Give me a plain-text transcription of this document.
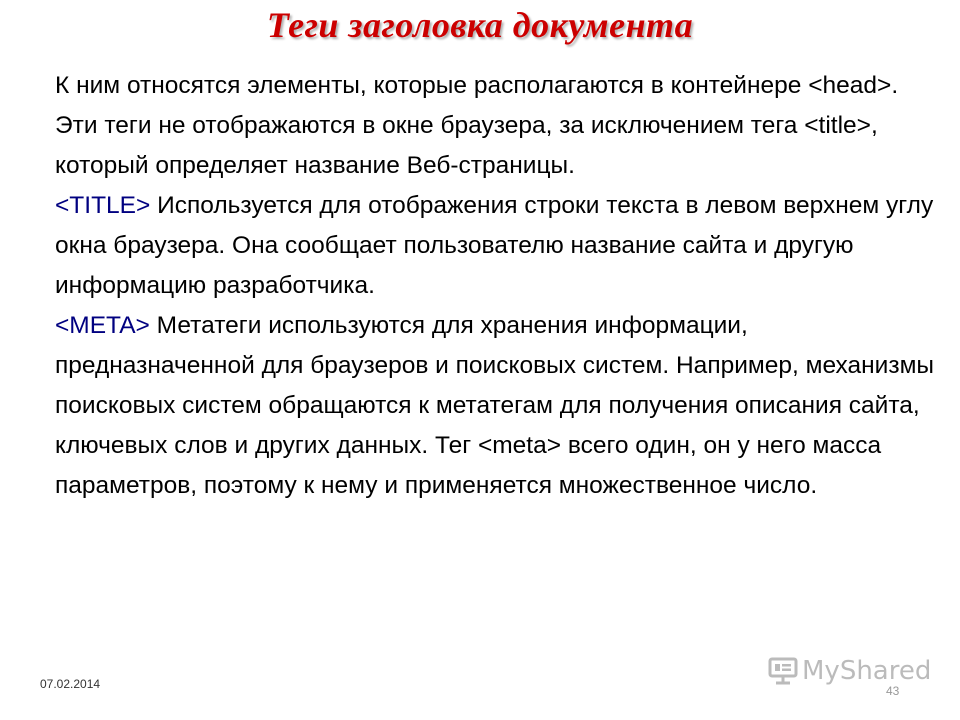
Теги заголовка документа

К ним относятся элементы, которые располагаются в контейнере <head>. Эти теги не отображаются в окне браузера, за исключением тега <title>, который определяет название Веб-страницы.

<TITLE> Используется для отображения строки текста в левом верхнем углу окна браузера. Она сообщает пользователю название сайта и другую информацию разработчика.

<META> Метатеги используются для хранения информации, предназначенной для браузеров и поисковых систем. Например, механизмы поисковых систем обращаются к метатегам для получения описания сайта, ключевых слов и других данных. Тег <meta> всего один, он у него масса параметров, поэтому к нему и применяется множественное число.

07.02.2014	MyShared
43
